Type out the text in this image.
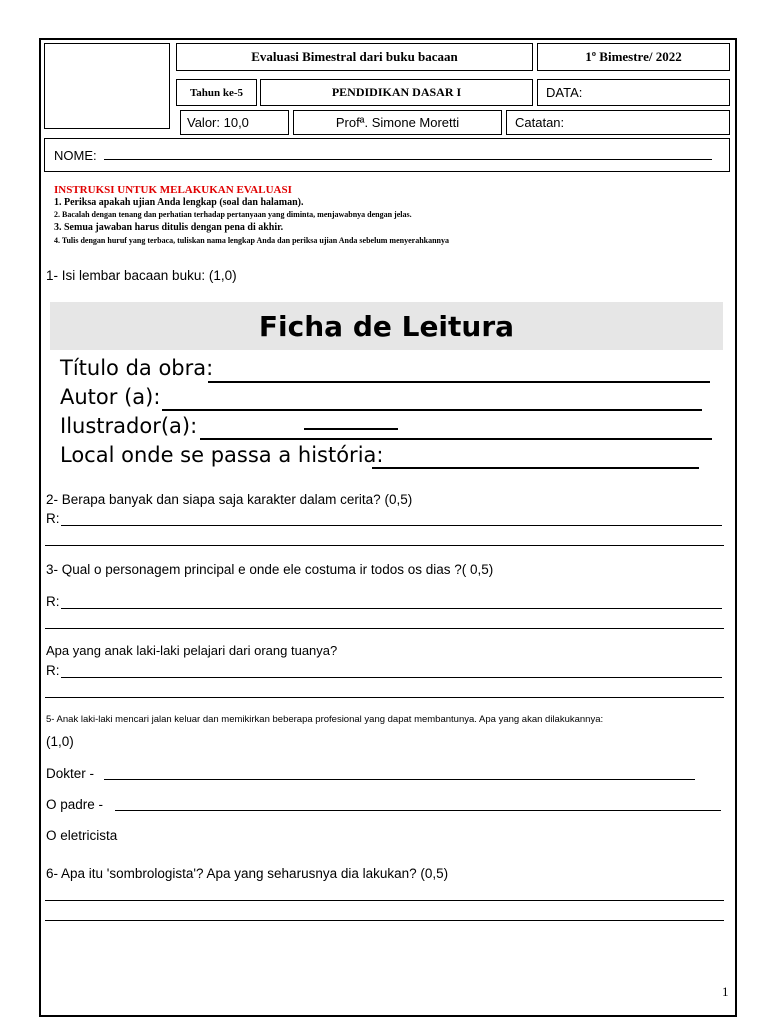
Evaluasi Bimestral dari buku bacaan	1º Bimestre/ 2022
Tahun ke-5	PENDIDIKAN DASAR I	DATA:
Valor: 10,0	Profª. Simone Moretti	Catatan:
NOME:
INSTRUKSI UNTUK MELAKUKAN EVALUASI
1. Periksa apakah ujian Anda lengkap (soal dan halaman).
2. Bacalah dengan tenang dan perhatian terhadap pertanyaan yang diminta, menjawabnya dengan jelas.
3. Semua jawaban harus ditulis dengan pena di akhir.
4. Tulis dengan huruf yang terbaca, tuliskan nama lengkap Anda dan periksa ujian Anda sebelum menyerahkannya
1- Isi lembar bacaan buku: (1,0)
Ficha de Leitura
Título da obra:
Autor (a):
Ilustrador(a):
Local onde se passa a história:
2- Berapa banyak dan siapa saja karakter dalam cerita? (0,5)
R:
3- Qual o personagem principal e onde ele costuma ir todos os dias ?( 0,5)
R:
Apa yang anak laki-laki pelajari dari orang tuanya?
R:
5- Anak laki-laki mencari jalan keluar dan memikirkan beberapa profesional yang dapat membantunya. Apa yang akan dilakukannya:
(1,0)
Dokter -
O padre -
O eletricista
6- Apa itu 'sombrologista'? Apa yang seharusnya dia lakukan? (0,5)
1
